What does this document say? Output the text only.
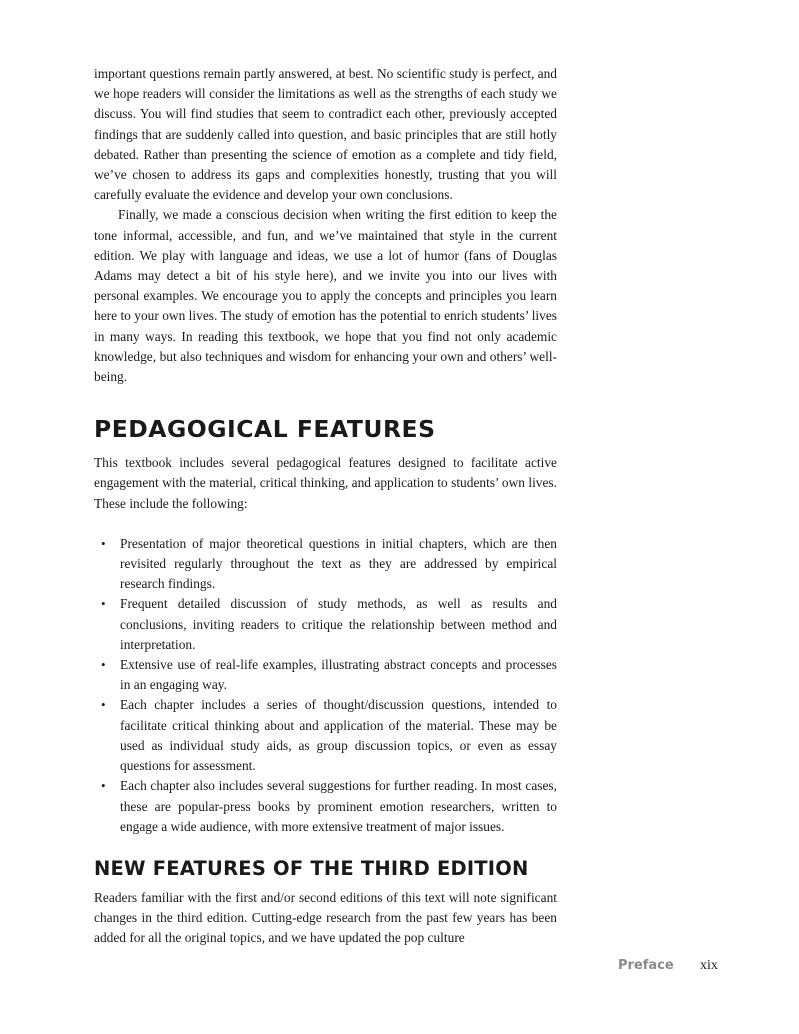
important questions remain partly answered, at best. No scientific study is perfect, and we hope readers will consider the limitations as well as the strengths of each study we discuss. You will find studies that seem to contradict each other, previously accepted findings that are suddenly called into question, and basic principles that are still hotly debated. Rather than presenting the science of emotion as a complete and tidy field, we’ve chosen to address its gaps and complexities honestly, trusting that you will carefully evaluate the evidence and develop your own conclusions.

Finally, we made a conscious decision when writing the first edition to keep the tone informal, accessible, and fun, and we’ve maintained that style in the current edition. We play with language and ideas, we use a lot of humor (fans of Douglas Adams may detect a bit of his style here), and we invite you into our lives with personal examples. We encourage you to apply the concepts and principles you learn here to your own lives. The study of emotion has the potential to enrich students’ lives in many ways. In reading this textbook, we hope that you find not only academic knowledge, but also techniques and wisdom for enhancing your own and others’ well-being.

PEDAGOGICAL FEATURES

This textbook includes several pedagogical features designed to facilitate active engagement with the material, critical thinking, and application to students’ own lives. These include the following:

• Presentation of major theoretical questions in initial chapters, which are then revisited regularly throughout the text as they are addressed by empirical research findings.
• Frequent detailed discussion of study methods, as well as results and conclusions, inviting readers to critique the relationship between method and interpretation.
• Extensive use of real-life examples, illustrating abstract concepts and processes in an engaging way.
• Each chapter includes a series of thought/discussion questions, intended to facilitate critical thinking about and application of the material. These may be used as individual study aids, as group discussion topics, or even as essay questions for assessment.
• Each chapter also includes several suggestions for further reading. In most cases, these are popular-press books by prominent emotion researchers, written to engage a wide audience, with more extensive treatment of major issues.
NEW FEATURES OF THE THIRD EDITION

Readers familiar with the first and/or second editions of this text will note significant changes in the third edition. Cutting-edge research from the past few years has been added for all the original topics, and we have updated the pop culture

Preface xix
